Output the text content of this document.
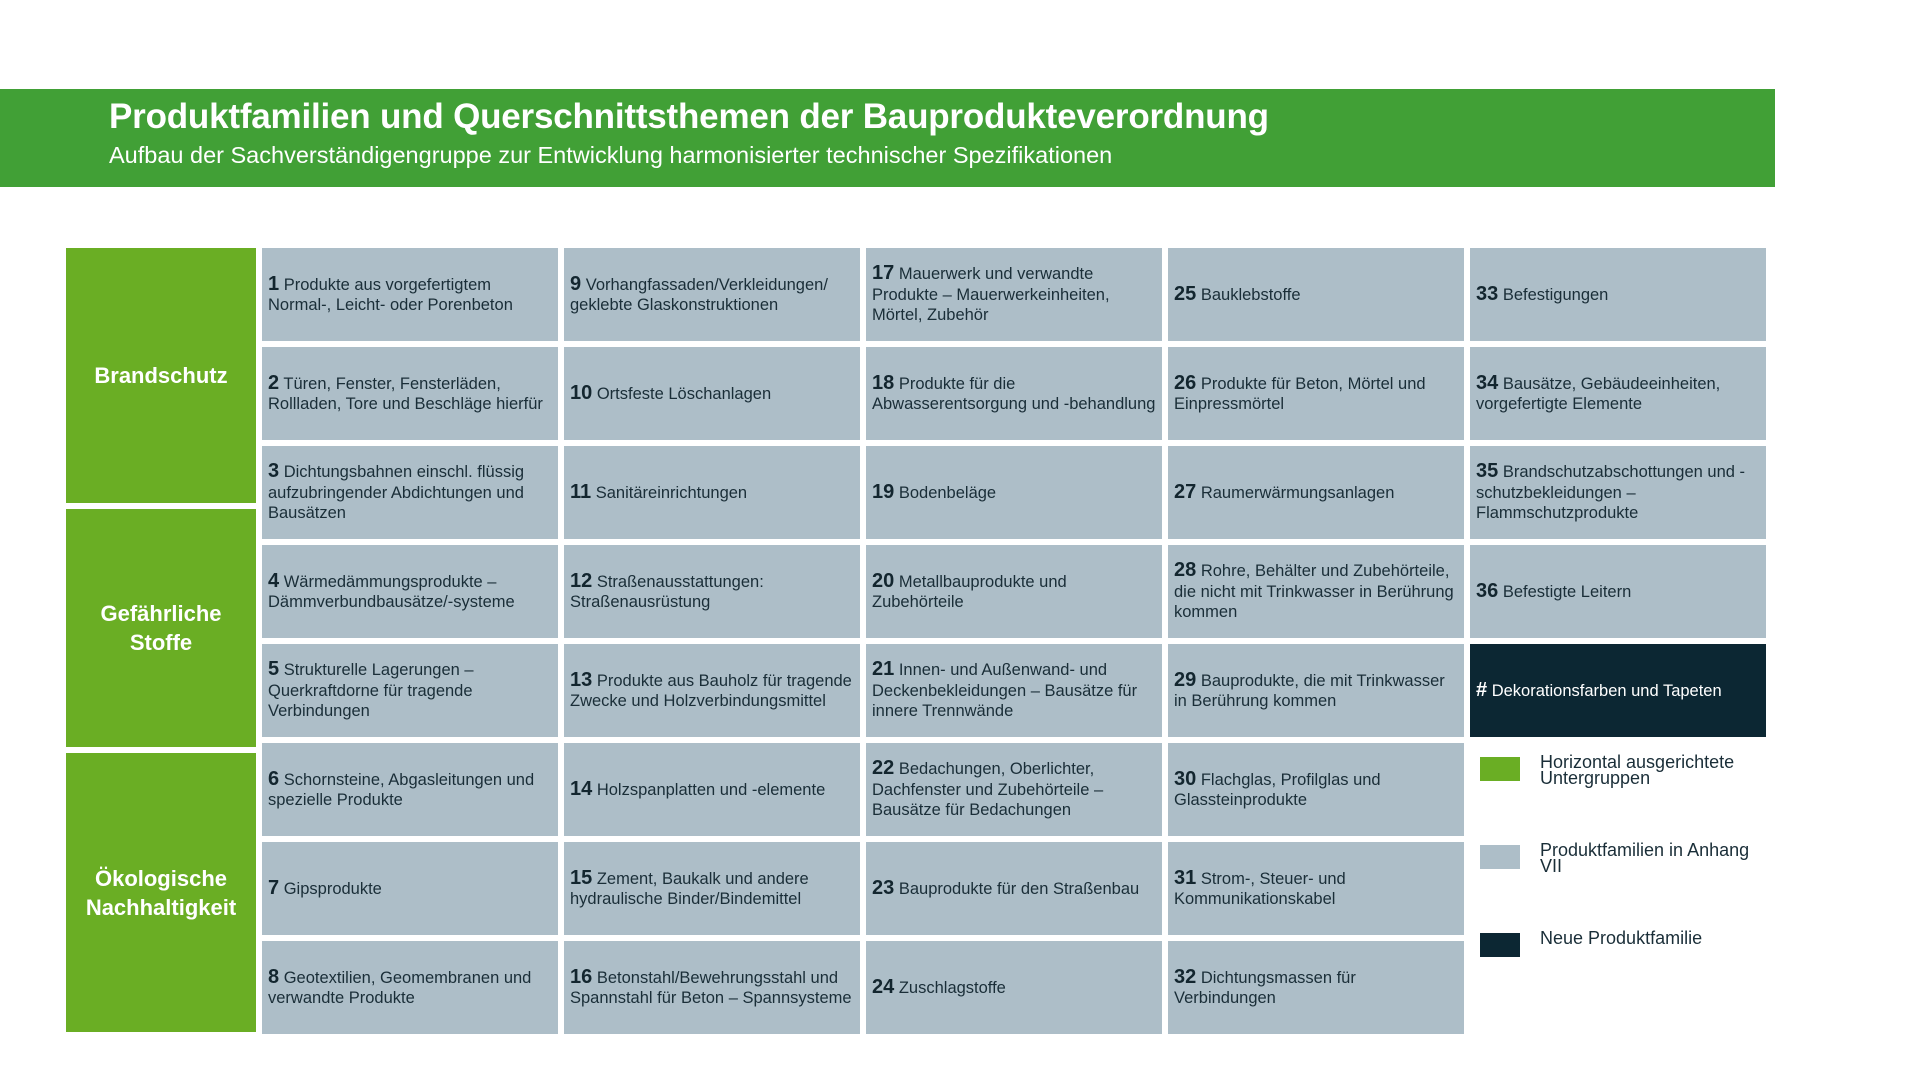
Produktfamilien und Querschnittsthemen der Bauprodukteverordnung
Aufbau der Sachverständigengruppe zur Entwicklung harmonisierter technischer Spezifikationen
Brandschutz
Gefährliche Stoffe
Ökologische Nachhaltigkeit
1 Produkte aus vorgefertigtem Normal-, Leicht- oder Porenbeton
2 Türen, Fenster, Fensterläden, Rollladen, Tore und Beschläge hierfür
3 Dichtungsbahnen einschl. flüssig aufzubringender Abdichtungen und Bausätzen
4 Wärmedämmungsprodukte – Dämmverbundbausätze/-systeme
5 Strukturelle Lagerungen – Querkraftdorne für tragende Verbindungen
6 Schornsteine, Abgasleitungen und spezielle Produkte
7 Gipsprodukte
8 Geotextilien, Geomembranen und verwandte Produkte
9 Vorhangfassaden/Verkleidungen/ geklebte Glaskonstruktionen
10 Ortsfeste Löschanlagen
11 Sanitäreinrichtungen
12 Straßenausstattungen: Straßenausrüstung
13 Produkte aus Bauholz für tragende Zwecke und Holzverbindungsmittel
14 Holzspanplatten und -elemente
15 Zement, Baukalk und andere hydraulische Binder/Bindemittel
16 Betonstahl/Bewehrungsstahl und Spannstahl für Beton – Spannsysteme
17 Mauerwerk und verwandte Produkte – Mauerwerkeinheiten, Mörtel, Zubehör
18 Produkte für die Abwasserentsorgung und -behandlung
19 Bodenbeläge
20 Metallbauprodukte und Zubehörteile
21 Innen- und Außenwand- und Deckenbekleidungen – Bausätze für innere Trennwände
22 Bedachungen, Oberlichter, Dachfenster und Zubehörteile – Bausätze für Bedachungen
23 Bauprodukte für den Straßenbau
24 Zuschlagstoffe
25 Bauklebstoffe
26 Produkte für Beton, Mörtel und Einpressmörtel
27 Raumerwärmungsanlagen
28 Rohre, Behälter und Zubehörteile, die nicht mit Trinkwasser in Berührung kommen
29 Bauprodukte, die mit Trinkwasser in Berührung kommen
30 Flachglas, Profilglas und Glassteinprodukte
31 Strom-, Steuer- und Kommunikationskabel
32 Dichtungsmassen für Verbindungen
33 Befestigungen
34 Bausätze, Gebäudeeinheiten, vorgefertigte Elemente
35 Brandschutzabschottungen und -schutzbekleidungen – Flammschutzprodukte
36 Befestigte Leitern
# Dekorationsfarben und Tapeten
Horizontal ausgerichtete Untergruppen
Produktfamilien in Anhang VII
Neue Produktfamilie
